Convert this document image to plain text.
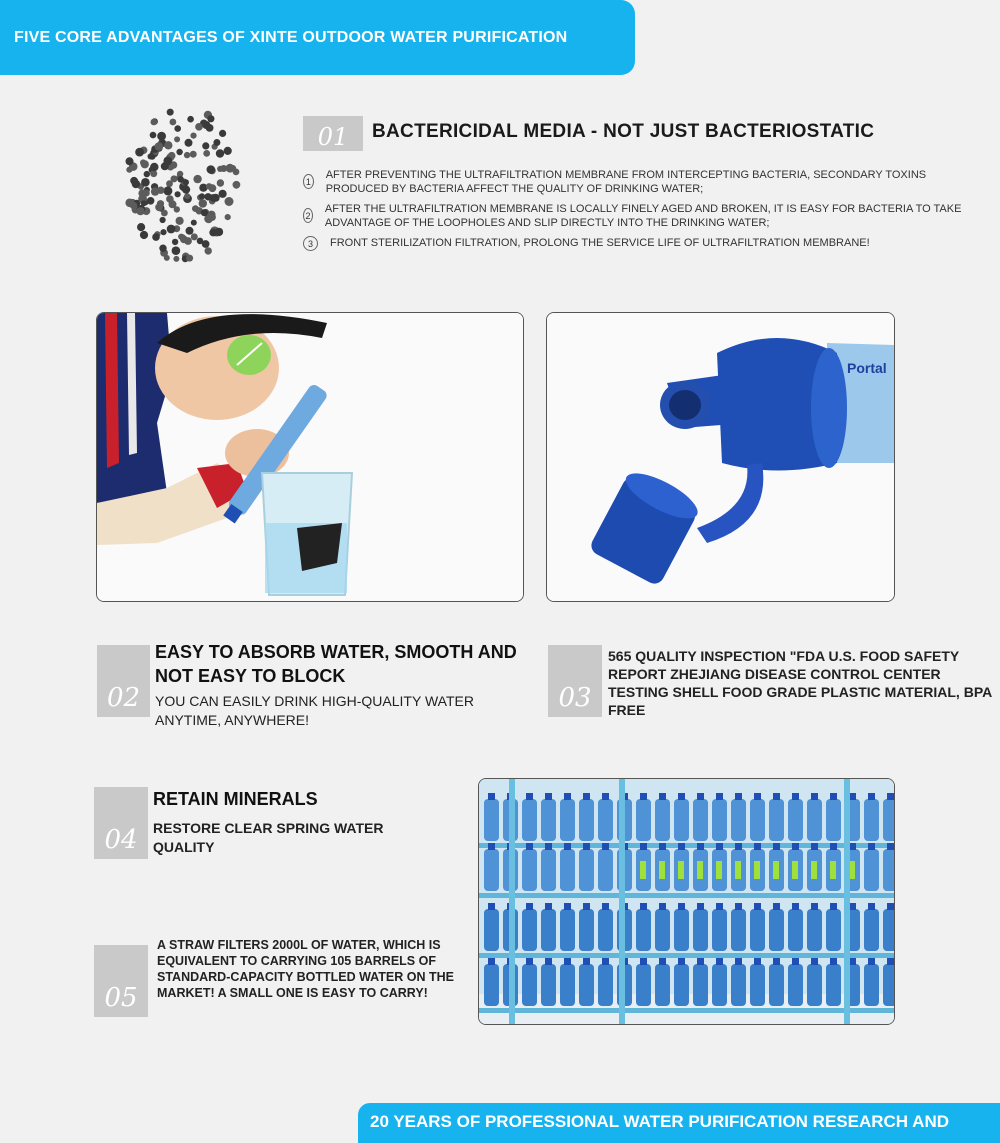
FIVE CORE ADVANTAGES OF XINTE OUTDOOR WATER PURIFICATION
01 BACTERICIDAL MEDIA - NOT JUST BACTERIOSTATIC
1
AFTER PREVENTING THE ULTRAFILTRATION MEMBRANE FROM INTERCEPTING BACTERIA, SECONDARY TOXINS PRODUCED BY BACTERIA AFFECT THE QUALITY OF DRINKING WATER;
2
AFTER THE ULTRAFILTRATION MEMBRANE IS LOCALLY FINELY AGED AND BROKEN, IT IS EASY FOR BACTERIA TO TAKE ADVANTAGE OF THE LOOPHOLES AND SLIP DIRECTLY INTO THE DRINKING WATER;
3	FRONT STERILIZATION FILTRATION, PROLONG THE SERVICE LIFE OF ULTRAFILTRATION MEMBRANE!
Portal
02
EASY TO ABSORB WATER, SMOOTH AND NOT EASY TO BLOCK
YOU CAN EASILY DRINK HIGH-QUALITY WATER ANYTIME, ANYWHERE!
03
565 QUALITY INSPECTION "FDA U.S. FOOD SAFETY REPORT ZHEJIANG DISEASE CONTROL CENTER TESTING SHELL FOOD GRADE PLASTIC MATERIAL, BPA FREE
04
RETAIN MINERALS
RESTORE CLEAR SPRING WATER QUALITY
05
A STRAW FILTERS 2000L OF WATER, WHICH IS EQUIVALENT TO CARRYING 105 BARRELS OF STANDARD-CAPACITY BOTTLED WATER ON THE MARKET! A SMALL ONE IS EASY TO CARRY!
20 YEARS OF PROFESSIONAL WATER PURIFICATION RESEARCH AND
